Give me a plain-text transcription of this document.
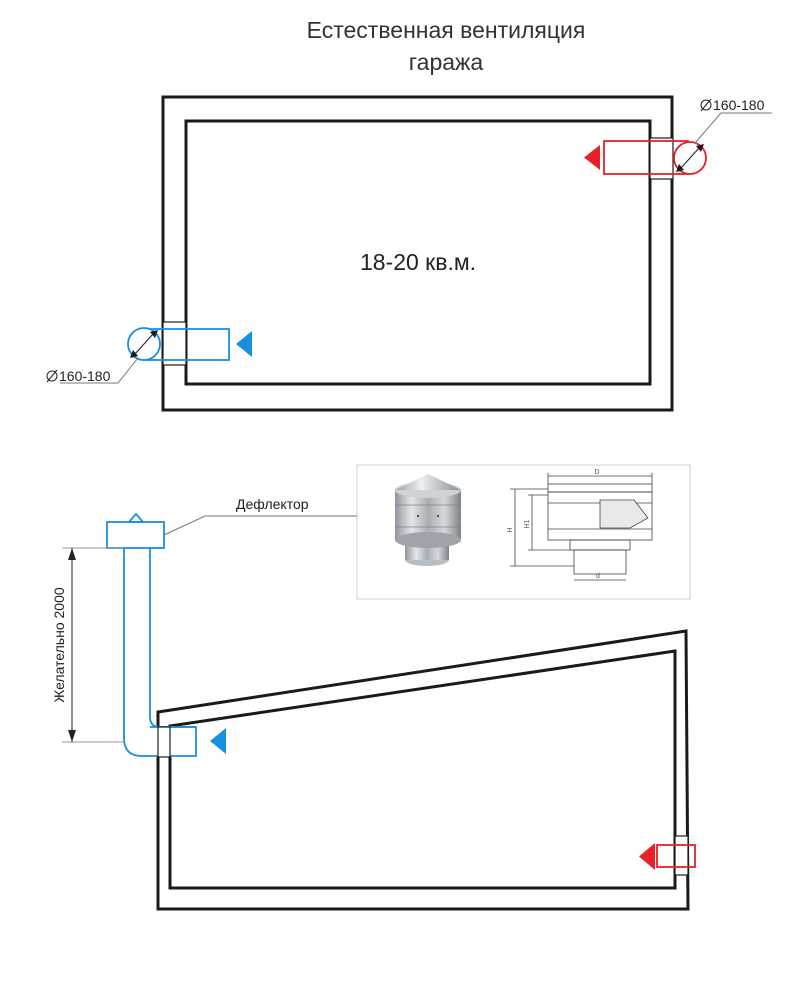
Естественная вентиляция
гаража
18-20 кв.м.
160-180
160-180
D
H
H1
d
Дефлектор
Желательно 2000
